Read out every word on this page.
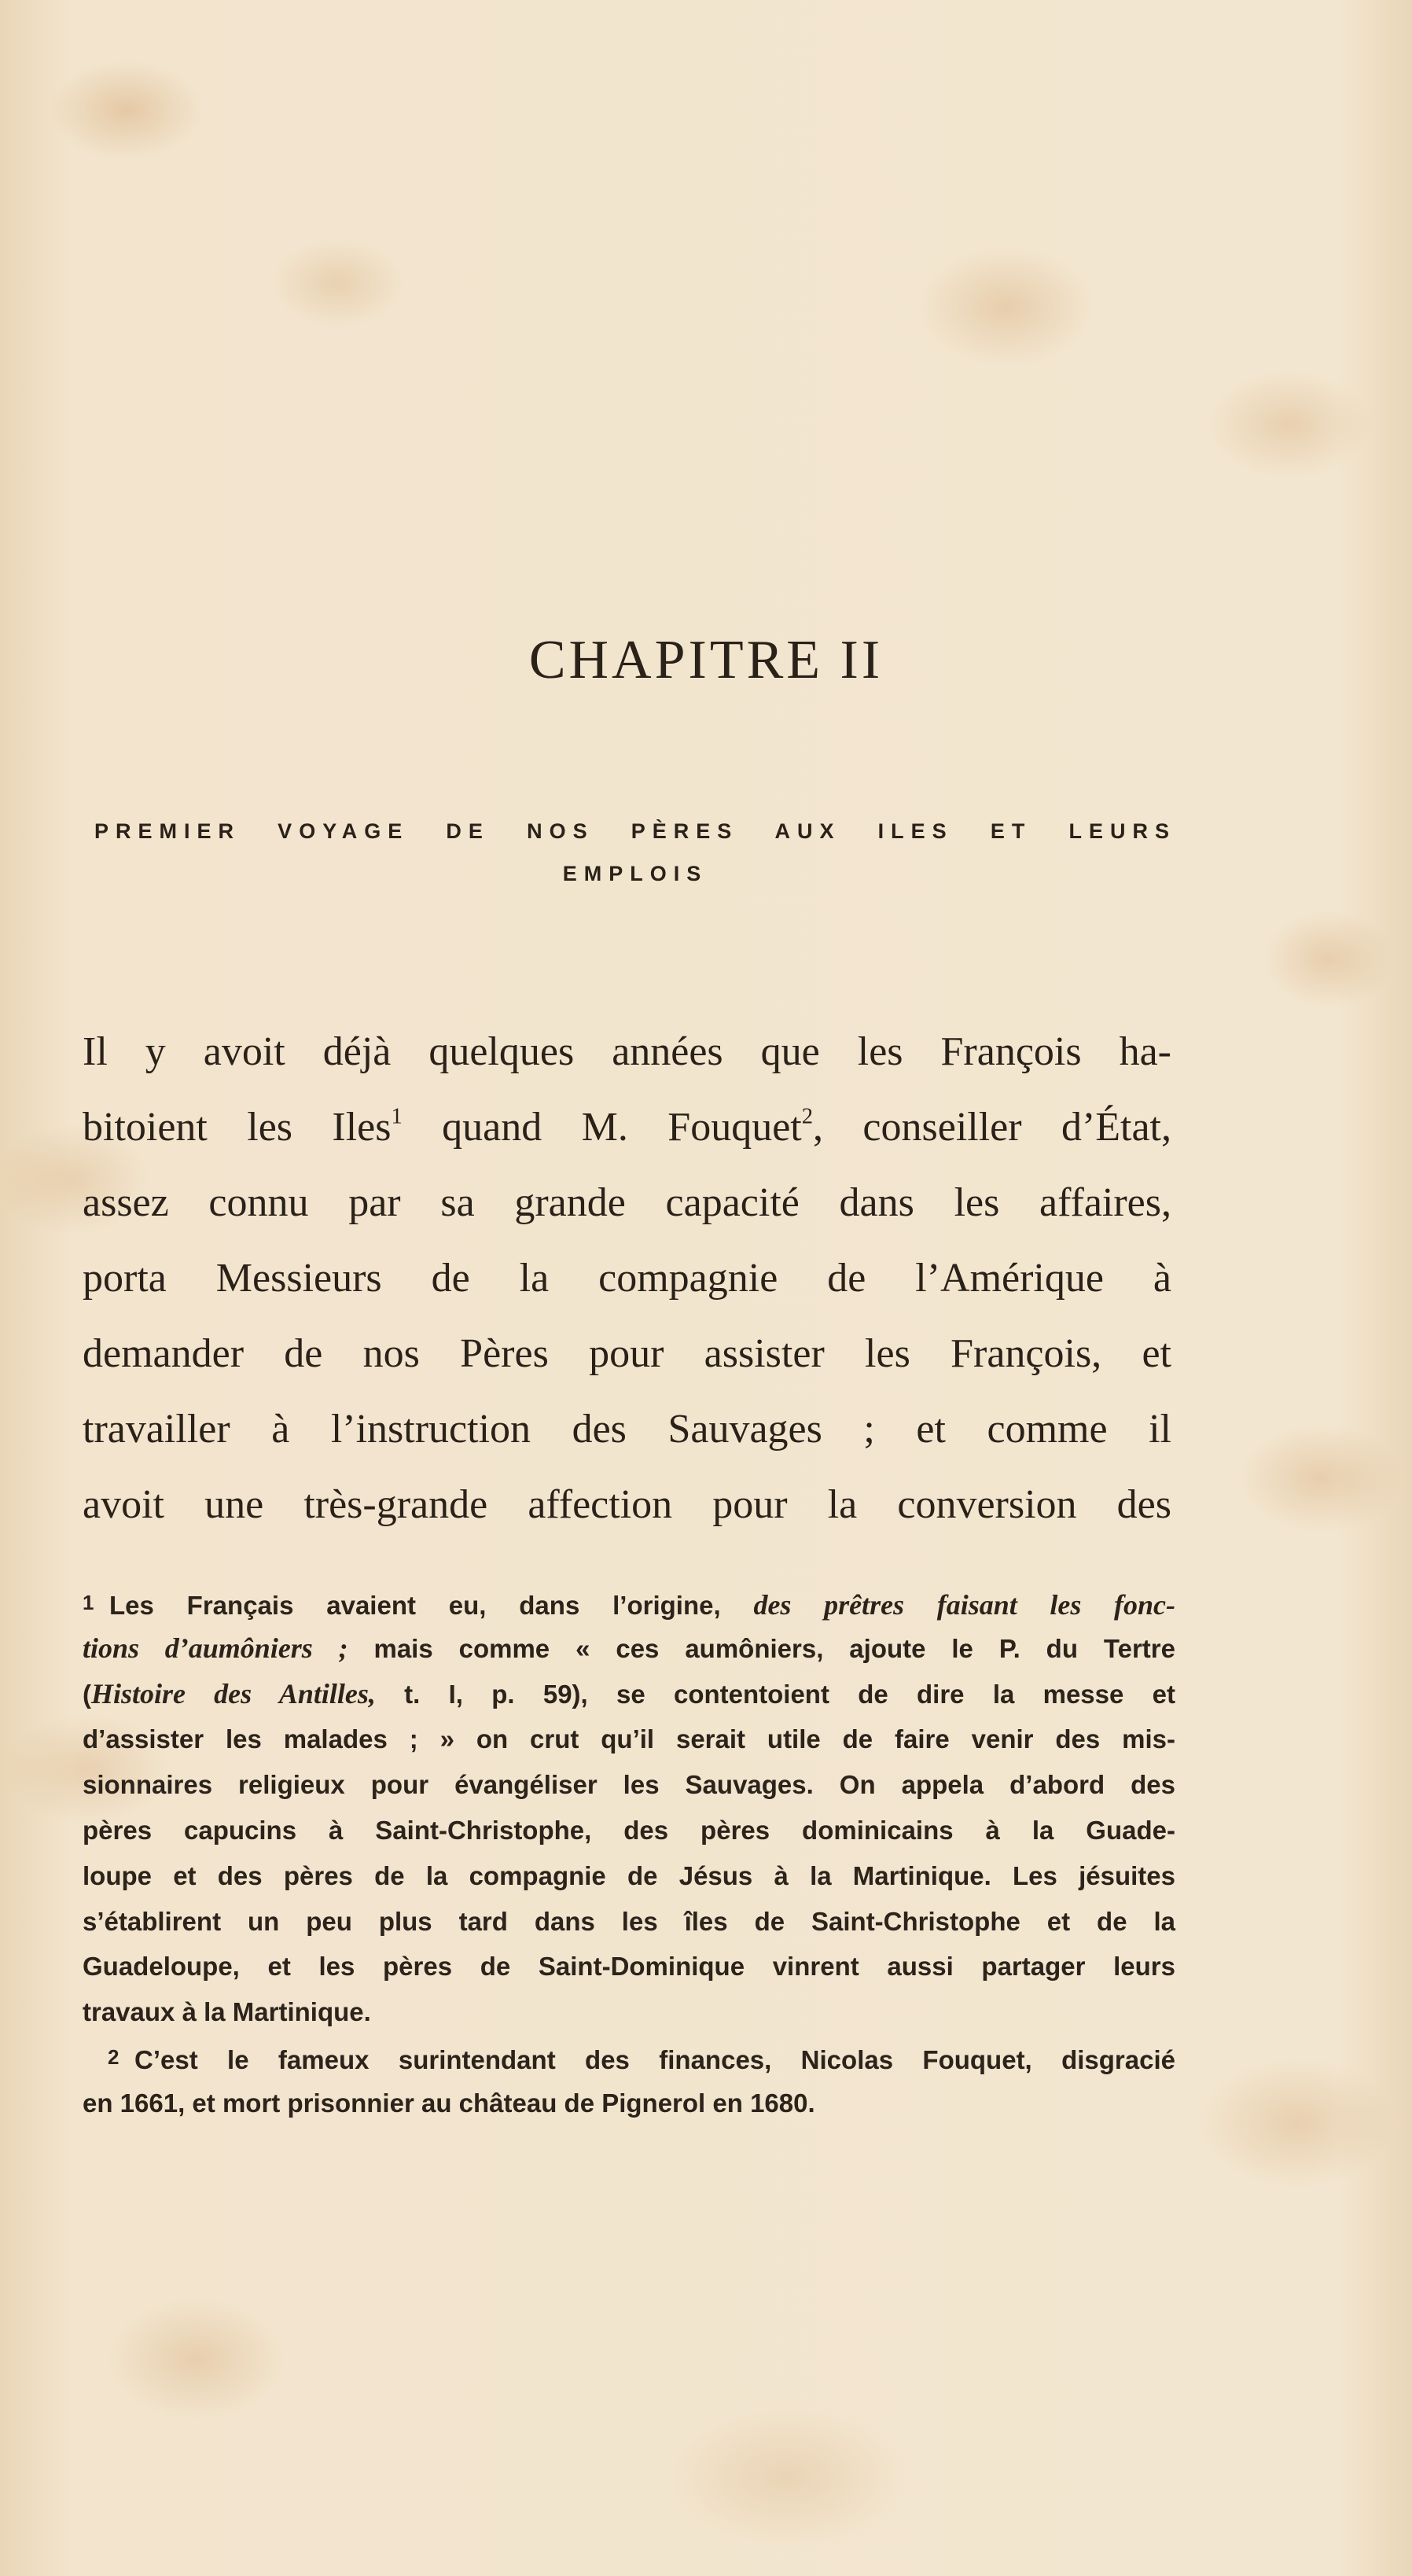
CHAPITRE II
PREMIER VOYAGE DE NOS PÈRES AUX ILES ET LEURS EMPLOIS
Il y avoit déjà quelques années que les François ha-
bitoient les Iles$^1$ quand M. Fouquet$^2$, conseiller d’État,
assez connu par sa grande capacité dans les affaires,
porta Messieurs de la compagnie de l’Amérique à
demander de nos Pères pour assister les François, et
travailler à l’instruction des Sauvages ; et comme il
avoit une très-grande affection pour la conversion des
1 Les Français avaient eu, dans l’origine, des prêtres faisant les fonc-
tions d’aumôniers ; mais comme « ces aumôniers, ajoute le P. du Tertre
(Histoire des Antilles, t. I, p. 59), se contentoient de dire la messe et
d’assister les malades ; » on crut qu’il serait utile de faire venir des mis-
sionnaires religieux pour évangéliser les Sauvages. On appela d’abord des
pères capucins à Saint-Christophe, des pères dominicains à la Guade-
loupe et des pères de la compagnie de Jésus à la Martinique. Les jésuites
s’établirent un peu plus tard dans les îles de Saint-Christophe et de la
Guadeloupe, et les pères de Saint-Dominique vinrent aussi partager leurs
travaux à la Martinique.
2 C’est le fameux surintendant des finances, Nicolas Fouquet, disgracié
en 1661, et mort prisonnier au château de Pignerol en 1680.
